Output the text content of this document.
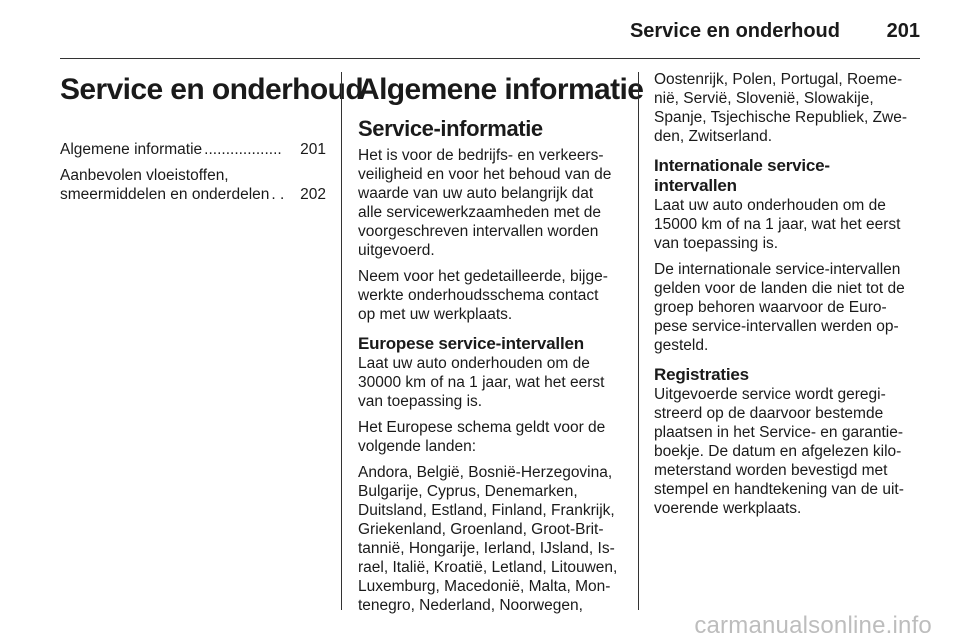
Service en onderhoud 201
Service en onderhoud
Algemene informatie ..................	201
Aanbevolen vloeistoffen,
smeermiddelen en onderdelen . .	202
Algemene informatie
Service-informatie

Het is voor de bedrijfs- en verkeers-
veiligheid en voor het behoud van de
waarde van uw auto belangrijk dat
alle servicewerkzaamheden met de
voorgeschreven intervallen worden
uitgevoerd.

Neem voor het gedetailleerde, bijge-
werkte onderhoudsschema contact
op met uw werkplaats.

Europese service-intervallen

Laat uw auto onderhouden om de
30000 km of na 1 jaar, wat het eerst
van toepassing is.

Het Europese schema geldt voor de
volgende landen:

Andora, België, Bosnië-Herzegovina,
Bulgarije, Cyprus, Denemarken,
Duitsland, Estland, Finland, Frankrijk,
Griekenland, Groenland, Groot-Brit-
tannië, Hongarije, Ierland, IJsland, Is-
rael, Italië, Kroatië, Letland, Litouwen,
Luxemburg, Macedonië, Malta, Mon-
tenegro, Nederland, Noorwegen,

Oostenrijk, Polen, Portugal, Roeme-
nië, Servië, Slovenië, Slowakije,
Spanje, Tsjechische Republiek, Zwe-
den, Zwitserland.

Internationale service-
intervallen

Laat uw auto onderhouden om de
15000 km of na 1 jaar, wat het eerst
van toepassing is.

De internationale service-intervallen
gelden voor de landen die niet tot de
groep behoren waarvoor de Euro-
pese service-intervallen werden op-
gesteld.

Registraties

Uitgevoerde service wordt geregi-
streerd op de daarvoor bestemde
plaatsen in het Service- en garantie-
boekje. De datum en afgelezen kilo-
meterstand worden bevestigd met
stempel en handtekening van de uit-
voerende werkplaats.

carmanualsonline.info
